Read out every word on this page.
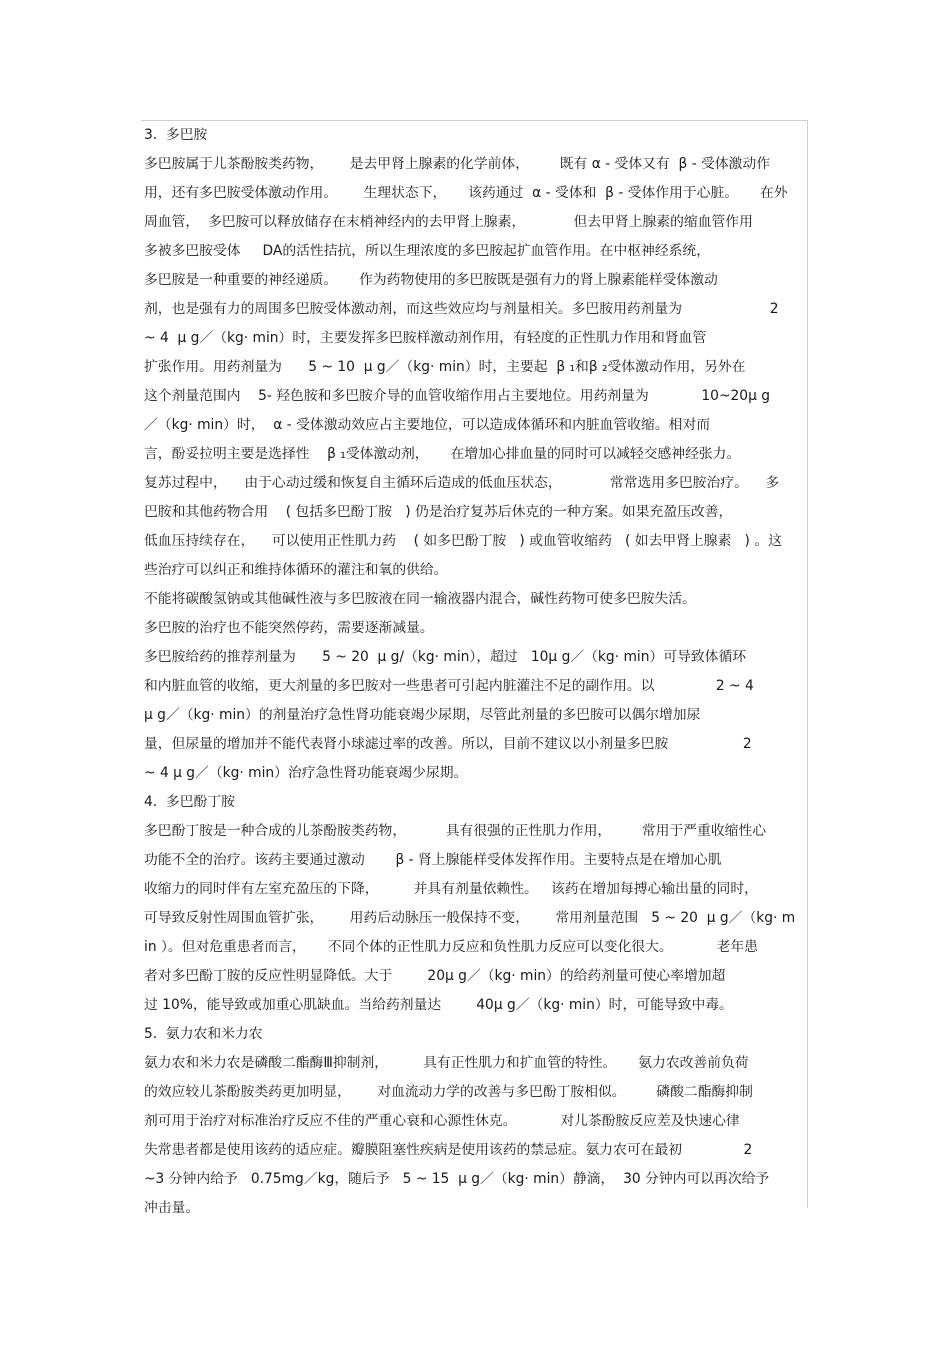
3.  多巴胺
多巴胺属于儿茶酚胺类药物，      是去甲肾上腺素的化学前体，       既有 α - 受体又有  β - 受体激动作
用，还有多巴胺受体激动作用。      生理状态下，     该药通过  α - 受体和  β - 受体作用于心脏。     在外
周血管，  多巴胺可以释放储存在末梢神经内的去甲肾上腺素，           但去甲肾上腺素的缩血管作用
多被多巴胺受体     DA的活性拮抗，所以生理浓度的多巴胺起扩血管作用。在中枢神经系统，
多巴胺是一种重要的神经递质。     作为药物使用的多巴胺既是强有力的肾上腺素能样受体激动
剂，也是强有力的周围多巴胺受体激动剂，而这些效应均与剂量相关。多巴胺用药剂量为                    2
~ 4  μ g／（kg· min）时，主要发挥多巴胺样激动剂作用，有轻度的正性肌力作用和肾血管
扩张作用。用药剂量为      5 ~ 10  μ g／（kg· min）时，主要起  β ₁和β ₂受体激动作用，另外在
这个剂量范围内    5- 羟色胺和多巴胺介导的血管收缩作用占主要地位。用药剂量为            10~20μ g
／（kg· min）时，  α - 受体激动效应占主要地位，可以造成体循环和内脏血管收缩。相对而
言，酚妥拉明主要是选择性    β ₁受体激动剂，     在增加心排血量的同时可以减轻交感神经张力。
复苏过程中，    由于心动过缓和恢复自主循环后造成的低血压状态，           常常选用多巴胺治疗。    多
巴胺和其他药物合用    ( 包括多巴酚丁胺   ) 仍是治疗复苏后休克的一种方案。如果充盈压改善，
低血压持续存在，    可以使用正性肌力药    ( 如多巴酚丁胺   ) 或血管收缩药   ( 如去甲肾上腺素   ) 。这
些治疗可以纠正和维持体循环的灌注和氧的供给。
不能将碳酸氢钠或其他碱性液与多巴胺液在同一输液器内混合，碱性药物可使多巴胺失活。
多巴胺的治疗也不能突然停药，需要逐渐减量。
多巴胺给药的推荐剂量为      5 ~ 20  μ g/（kg· min），超过   10μ g／（kg· min）可导致体循环
和内脏血管的收缩，更大剂量的多巴胺对一些患者可引起内脏灌注不足的副作用。以              2 ~ 4
μ g／（kg· min）的剂量治疗急性肾功能衰竭少尿期，尽管此剂量的多巴胺可以偶尔增加尿
量，但尿量的增加并不能代表肾小球滤过率的改善。所以，目前不建议以小剂量多巴胺                 2
~ 4 μ g／（kg· min）治疗急性肾功能衰竭少尿期。
4.  多巴酚丁胺
多巴酚丁胺是一种合成的儿茶酚胺类药物，         具有很强的正性肌力作用，       常用于严重收缩性心
功能不全的治疗。该药主要通过激动       β - 肾上腺能样受体发挥作用。主要特点是在增加心肌
收缩力的同时伴有左室充盈压的下降，        并具有剂量依赖性。   该药在增加每搏心输出量的同时，
可导致反射性周围血管扩张，      用药后动脉压一般保持不变，      常用剂量范围   5 ~ 20  μ g／（kg· m
in ）。但对危重患者而言，     不同个体的正性肌力反应和负性肌力反应可以变化很大。          老年患
者对多巴酚丁胺的反应性明显降低。大于        20μ g／（kg· min）的给药剂量可使心率增加超
过 10%，能导致或加重心肌缺血。当给药剂量达        40μ g／（kg· min）时，可能导致中毒。
5.  氨力农和米力农
氨力农和米力农是磷酸二酯酶Ⅲ抑制剂，        具有正性肌力和扩血管的特性。     氨力农改善前负荷
的效应较儿茶酚胺类药更加明显，      对血流动力学的改善与多巴酚丁胺相似。       磷酸二酯酶抑制
剂可用于治疗对标准治疗反应不佳的严重心衰和心源性休克。          对儿茶酚胺反应差及快速心律
失常患者都是使用该药的适应症。瓣膜阻塞性疾病是使用该药的禁忌症。氨力农可在最初              2
~3 分钟内给予   0.75mg／kg，随后予   5 ~ 15  μ g／（kg· min）静滴，  30 分钟内可以再次给予
冲击量。
